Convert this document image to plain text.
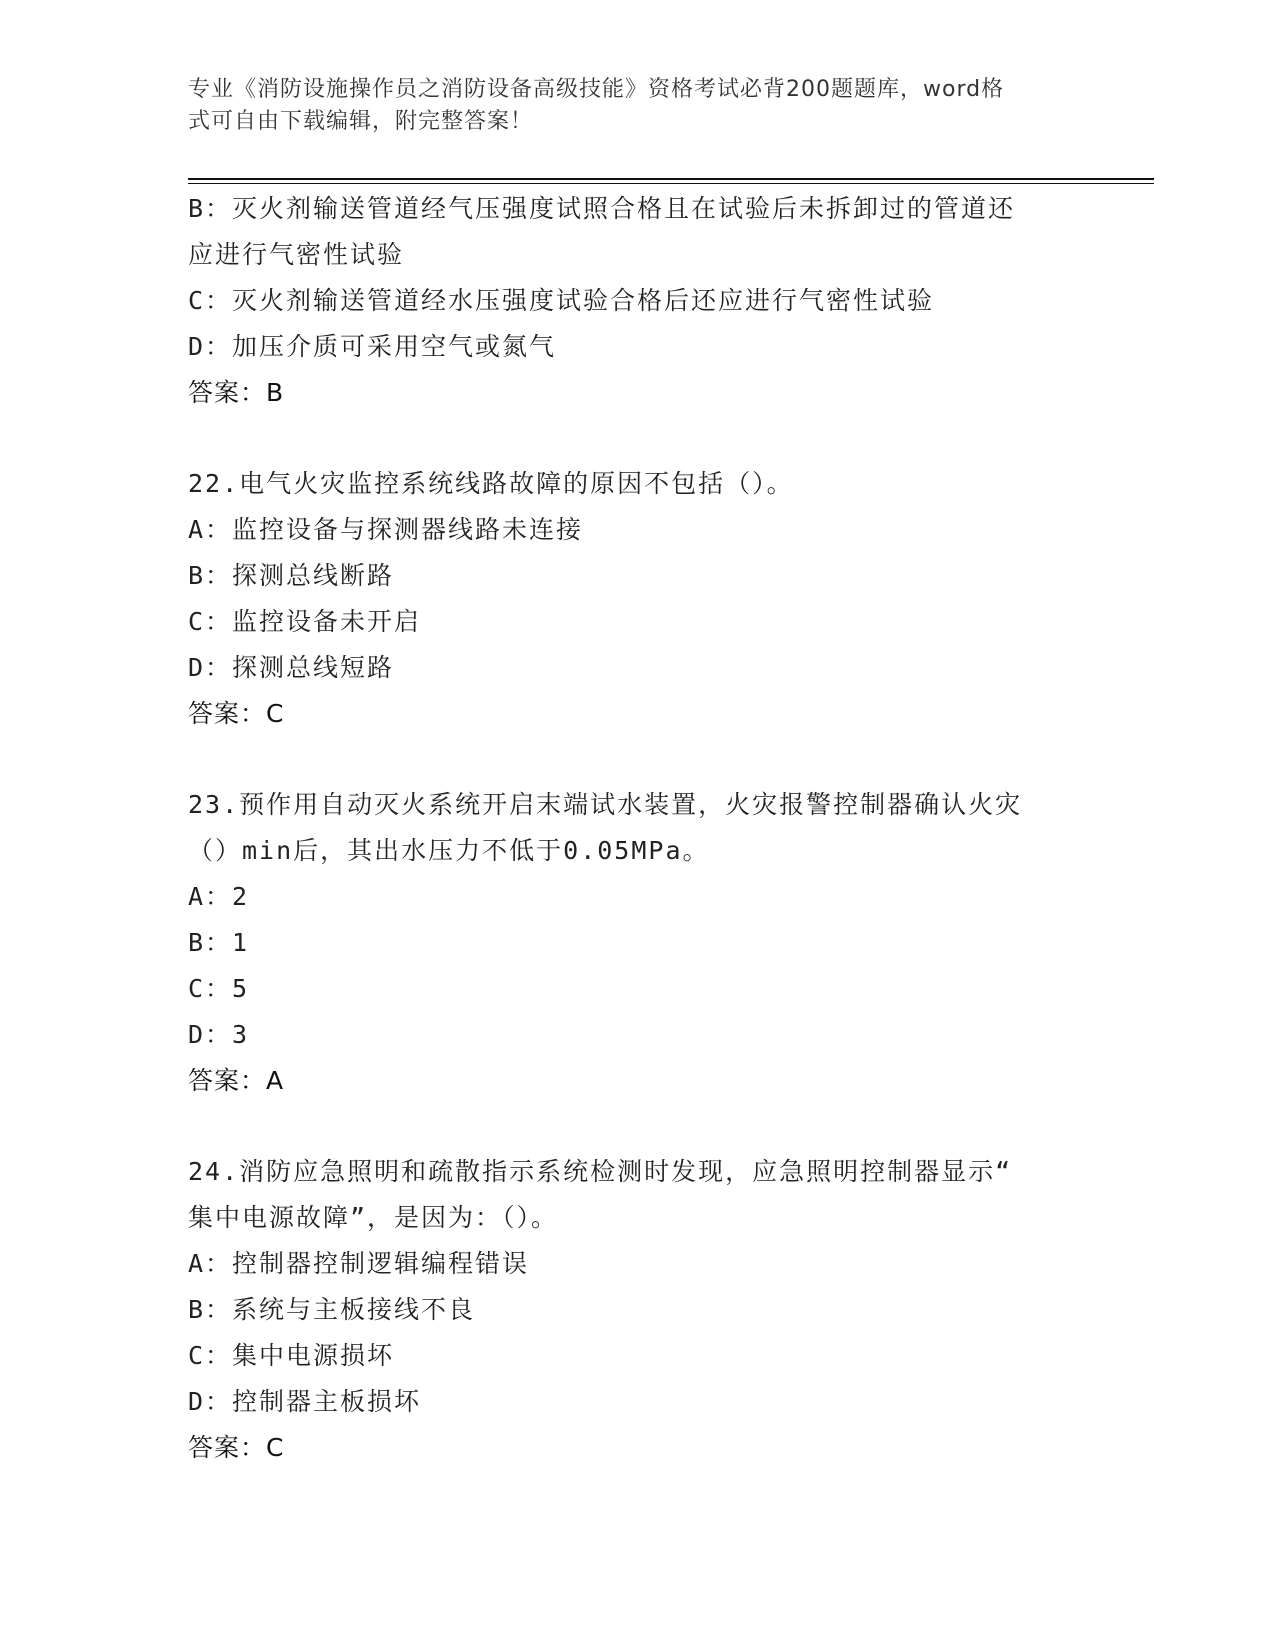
专业《消防设施操作员之消防设备高级技能》资格考试必背200题题库，word格
式可自由下载编辑，附完整答案！
B：灭火剂输送管道经气压强度试照合格且在试验后未拆卸过的管道还
应进行气密性试验
C：灭火剂输送管道经水压强度试验合格后还应进行气密性试验
D：加压介质可采用空气或氮气
答案：B
22.电气火灾监控系统线路故障的原因不包括（）。
A：监控设备与探测器线路未连接
B：探测总线断路
C：监控设备未开启
D：探测总线短路
答案：C
23.预作用自动灭火系统开启末端试水装置，火灾报警控制器确认火灾
（）min后，其出水压力不低于0.05MPa。
A：2
B：1
C：5
D：3
答案：A
24.消防应急照明和疏散指示系统检测时发现，应急照明控制器显示“
集中电源故障”，是因为：（）。
A：控制器控制逻辑编程错误
B：系统与主板接线不良
C：集中电源损坏
D：控制器主板损坏
答案：C
